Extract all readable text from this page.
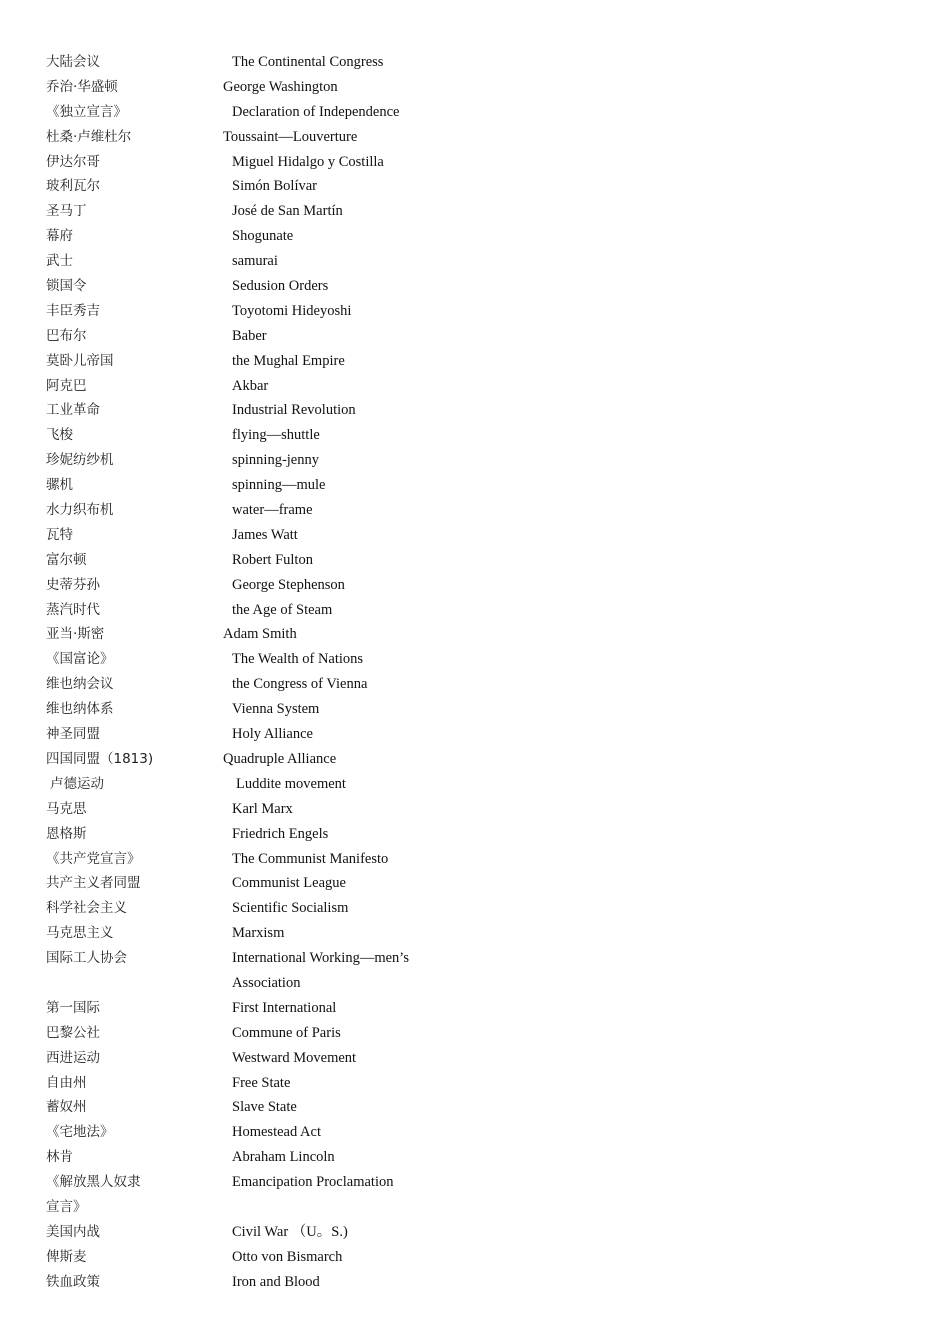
大陆会议	The Continental Congress
乔治·华盛顿	George Washington
《独立宣言》	Declaration of Independence
杜桑·卢维杜尔	Toussaint—Louverture
伊达尔哥	Miguel Hidalgo y Costilla
玻利瓦尔	Simón Bolívar
圣马丁	José de San Martín
幕府	Shogunate
武士	samurai
锁国令	Sedusion Orders
丰臣秀吉	Toyotomi Hideyoshi
巴布尔	Baber
莫卧儿帝国	the Mughal Empire
阿克巴	Akbar
工业革命	Industrial Revolution
飞梭	flying—shuttle
珍妮纺纱机	spinning-jenny
骡机	spinning—mule
水力织布机	water—frame
瓦特	James Watt
富尔顿	Robert Fulton
史蒂芬孙	George Stephenson
蒸汽时代	the Age of Steam
亚当·斯密	Adam Smith
《国富论》	The Wealth of Nations
维也纳会议	the Congress of Vienna
维也纳体系	Vienna System
神圣同盟	Holy Alliance
四国同盟（1813)	Quadruple Alliance
卢德运动	Luddite movement
马克思	Karl Marx
恩格斯	Friedrich Engels
《共产党宣言》	The Communist Manifesto
共产主义者同盟	Communist League
科学社会主义	Scientific Socialism
马克思主义	Marxism
国际工人协会	International Working—men’s
Association
第一国际	First International
巴黎公社	Commune of Paris
西进运动	Westward Movement
自由州	Free State
蓄奴州	Slave State
《宅地法》	Homestead Act
林肯	Abraham Lincoln
《解放黑人奴隶	Emancipation Proclamation
宣言》
美国内战	Civil War （U。S.)
俾斯麦	Otto von Bismarch
铁血政策	Iron and Blood
